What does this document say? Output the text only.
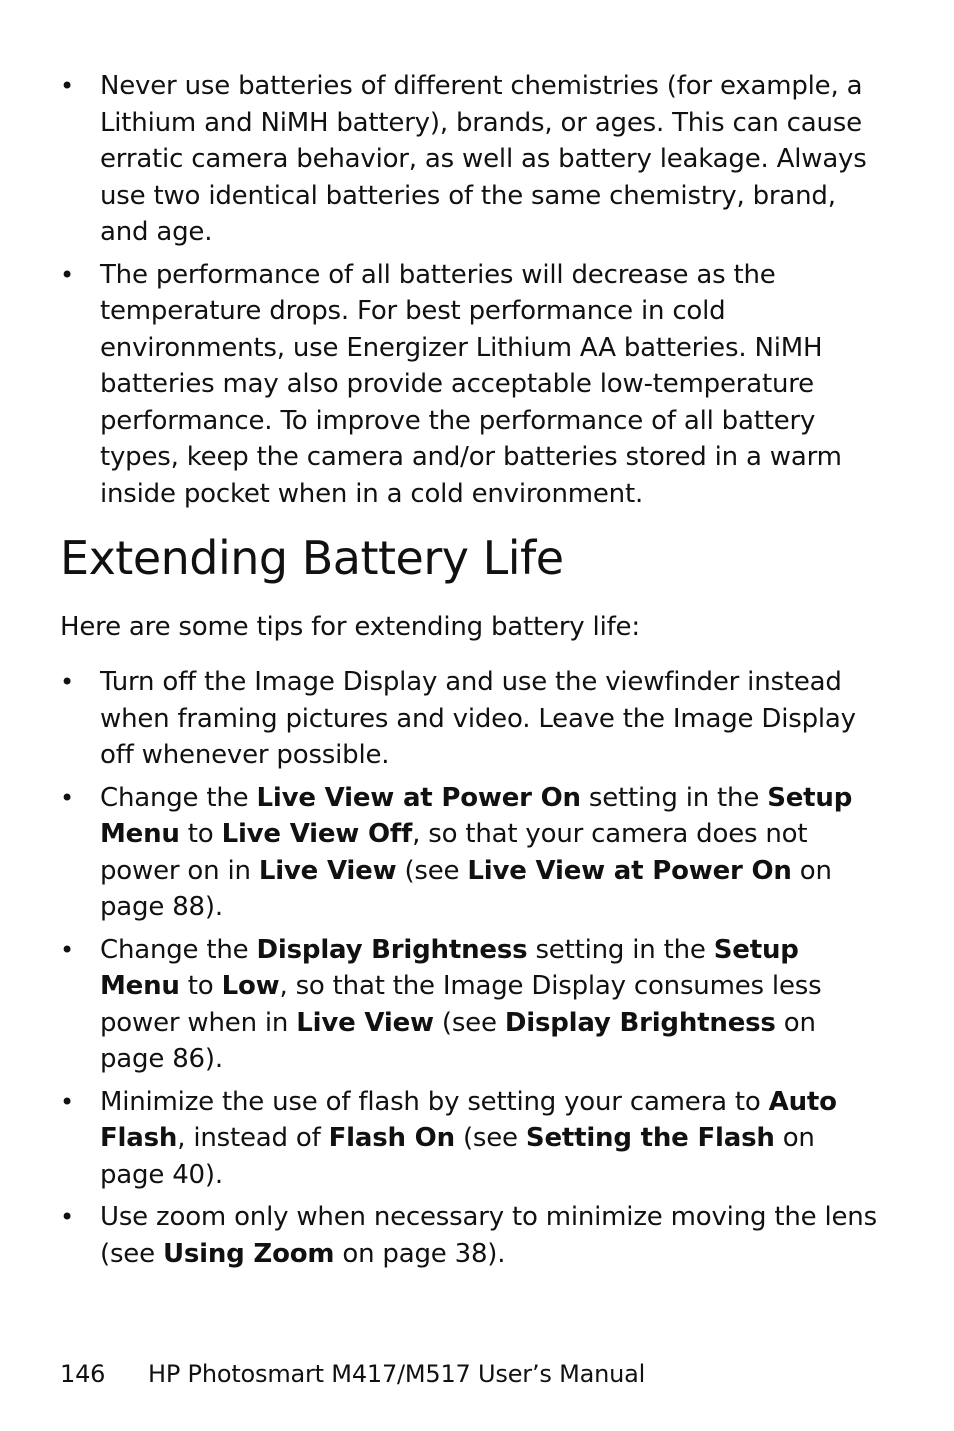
• Never use batteries of different chemistries (for example, a Lithium and NiMH battery), brands, or ages. This can cause erratic camera behavior, as well as battery leakage. Always use two identical batteries of the same chemistry, brand, and age.
• The performance of all batteries will decrease as the temperature drops. For best performance in cold environments, use Energizer Lithium AA batteries. NiMH batteries may also provide acceptable low-temperature performance. To improve the performance of all battery types, keep the camera and/or batteries stored in a warm inside pocket when in a cold environment.
Extending Battery Life

Here are some tips for extending battery life:

• Turn off the Image Display and use the viewfinder instead when framing pictures and video. Leave the Image Display off whenever possible.
• Change the Live View at Power On setting in the Setup Menu to Live View Off, so that your camera does not power on in Live View (see Live View at Power On on page 88).
• Change the Display Brightness setting in the Setup Menu to Low, so that the Image Display consumes less power when in Live View (see Display Brightness on page 86).
• Minimize the use of flash by setting your camera to Auto Flash, instead of Flash On (see Setting the Flash on page 40).
• Use zoom only when necessary to minimize moving the lens (see Using Zoom on page 38).
146 HP Photosmart M417/M517 User’s Manual
